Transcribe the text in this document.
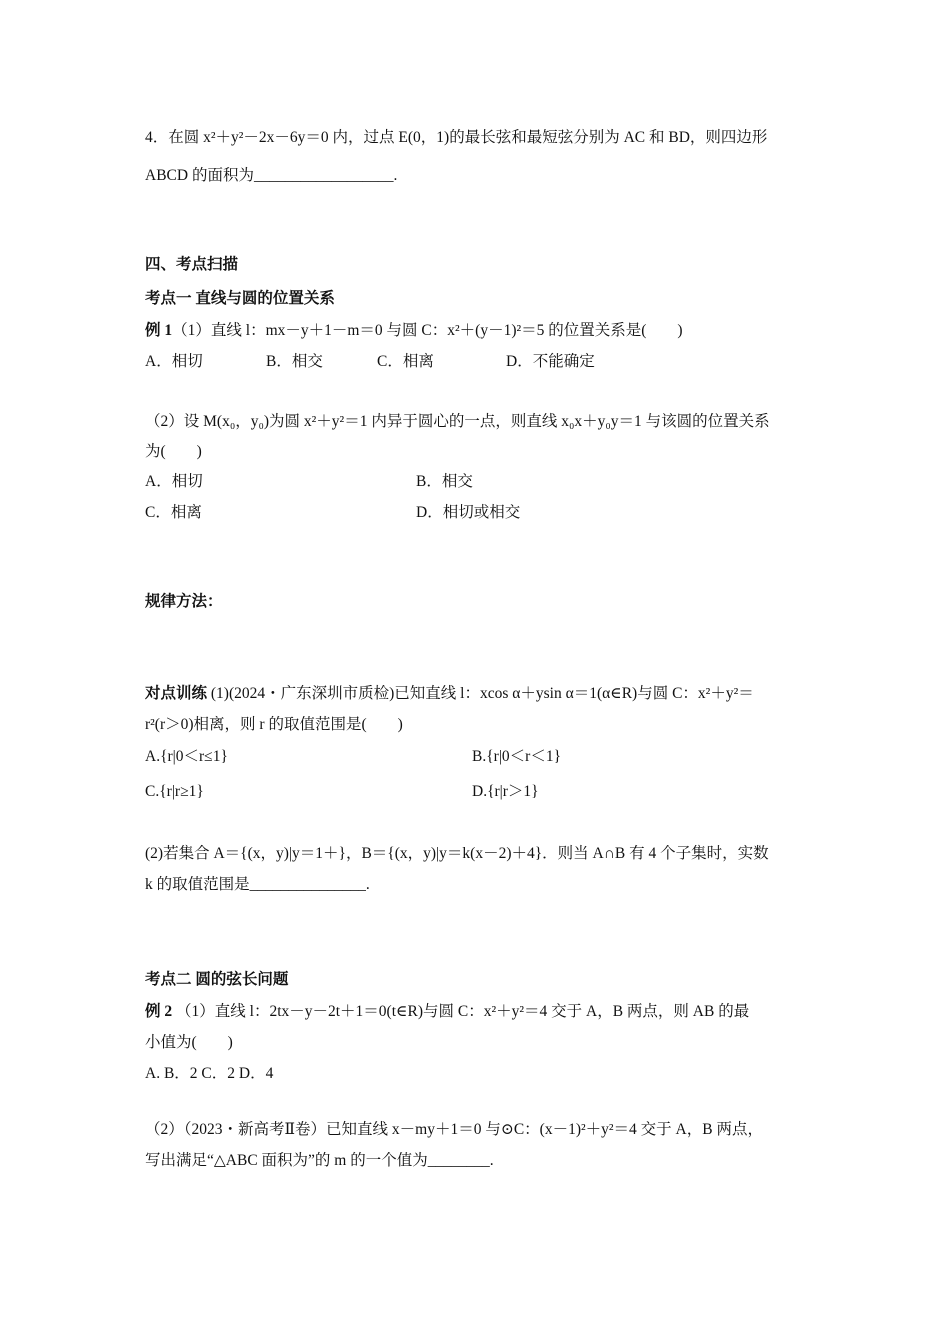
4．在圆 x²＋y²－2x－6y＝0 内，过点 E(0，1)的最长弦和最短弦分别为 AC 和 BD，则四边形
ABCD 的面积为__________________.
四、考点扫描
考点一 直线与圆的位置关系
例 1（1）直线 l：mx－y＋1－m＝0 与圆 C：x²＋(y－1)²＝5 的位置关系是(　　)
A．相切	B．相交	C．相离	D．不能确定
（2）设 M(x₀，y₀)为圆 x²＋y²＝1 内异于圆心的一点，则直线 x₀x＋y₀y＝1 与该圆的位置关系
为(　　)
A．相切	B．相交
C．相离	D．相切或相交
规律方法：
对点训练 (1)(2024・广东深圳市质检)已知直线 l：xcos α＋ysin α＝1(α∈R)与圆 C：x²＋y²＝
r²(r＞0)相离，则 r 的取值范围是(　　)
A.{r|0＜r≤1}	B.{r|0＜r＜1}
C.{r|r≥1}	D.{r|r＞1}
(2)若集合 A＝{(x，y)|y＝1＋}，B＝{(x，y)|y＝k(x－2)＋4}．则当 A∩B 有 4 个子集时，实数
k 的取值范围是_______________.
考点二 圆的弦长问题
例 2 （1）直线 l：2tx－y－2t＋1＝0(t∈R)与圆 C：x²＋y²＝4 交于 A，B 两点，则 AB 的最
小值为(　　)
A. B．2 C．2 D．4
（2）（2023・新高考Ⅱ卷）已知直线 x－my＋1＝0 与⊙C：(x－1)²＋y²＝4 交于 A，B 两点，
写出满足“△ABC 面积为”的 m 的一个值为________.
